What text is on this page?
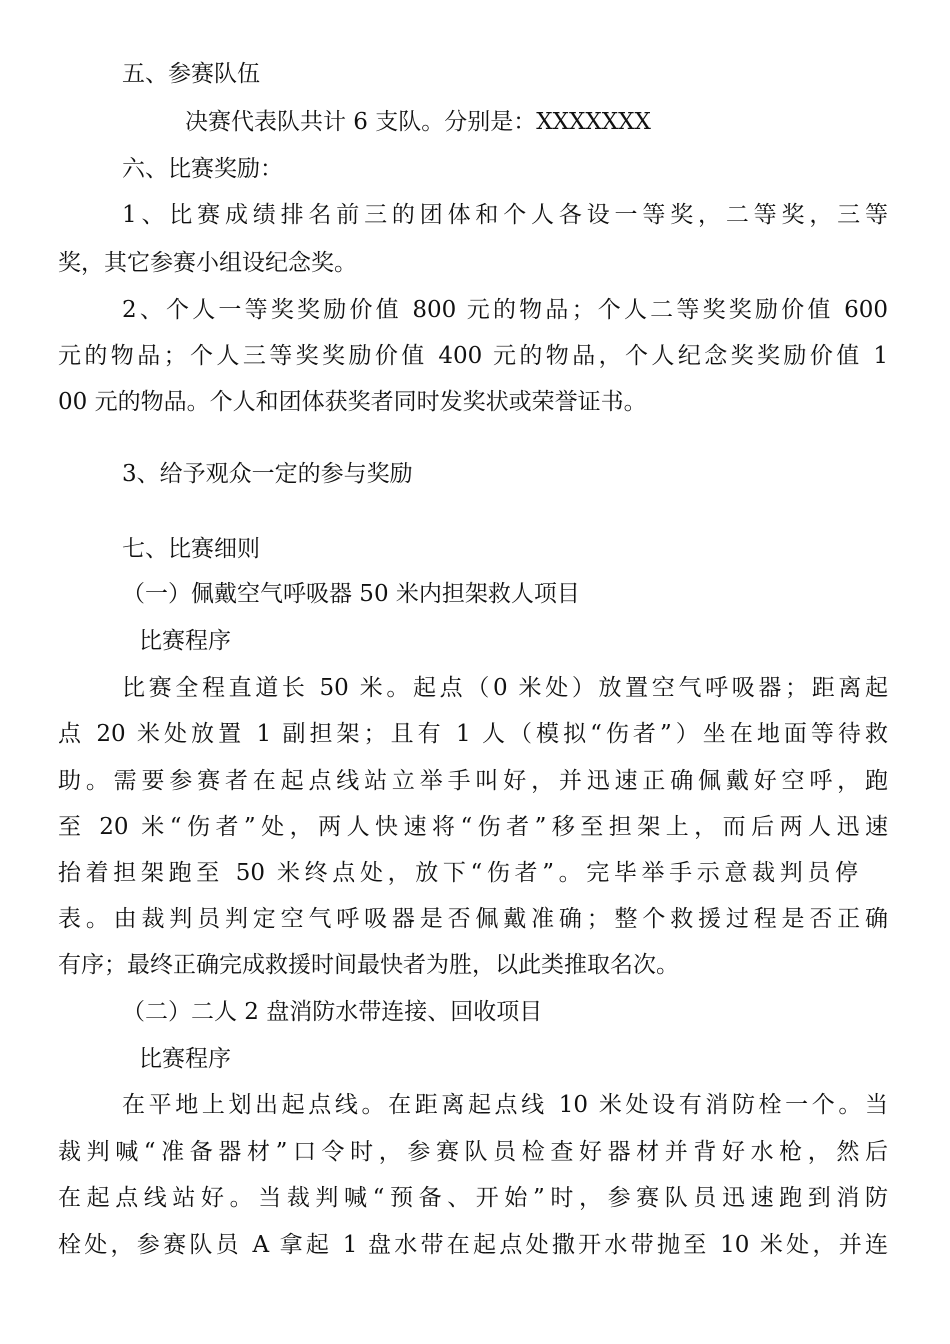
五、参赛队伍
决赛代表队共计 6 支队。分别是：XXXXXXX
六、比赛奖励：
1、比赛成绩排名前三的团体和个人各设一等奖，二等奖，三等
奖，其它参赛小组设纪念奖。
2、个人一等奖奖励价值 800 元的物品；个人二等奖奖励价值 600
元的物品；个人三等奖奖励价值 400 元的物品，个人纪念奖奖励价值 1
00 元的物品。个人和团体获奖者同时发奖状或荣誉证书。
3、给予观众一定的参与奖励
七、比赛细则
（一）佩戴空气呼吸器 50 米内担架救人项目
比赛程序
比赛全程直道长 50 米。起点（0 米处）放置空气呼吸器；距离起
点 20 米处放置 1 副担架；且有 1 人（模拟“伤者”）坐在地面等待救
助。需要参赛者在起点线站立举手叫好，并迅速正确佩戴好空呼，跑
至 20 米“伤者”处，两人快速将“伤者”移至担架上，而后两人迅速
抬着担架跑至 50 米终点处，放下“伤者”。完毕举手示意裁判员停
表。由裁判员判定空气呼吸器是否佩戴准确；整个救援过程是否正确
有序；最终正确完成救援时间最快者为胜，以此类推取名次。
（二）二人 2 盘消防水带连接、回收项目
比赛程序
在平地上划出起点线。在距离起点线 10 米处设有消防栓一个。当
裁判喊“准备器材”口令时，参赛队员检查好器材并背好水枪，然后
在起点线站好。当裁判喊“预备、开始”时，参赛队员迅速跑到消防
栓处，参赛队员 A 拿起 1 盘水带在起点处撒开水带抛至 10 米处，并连
